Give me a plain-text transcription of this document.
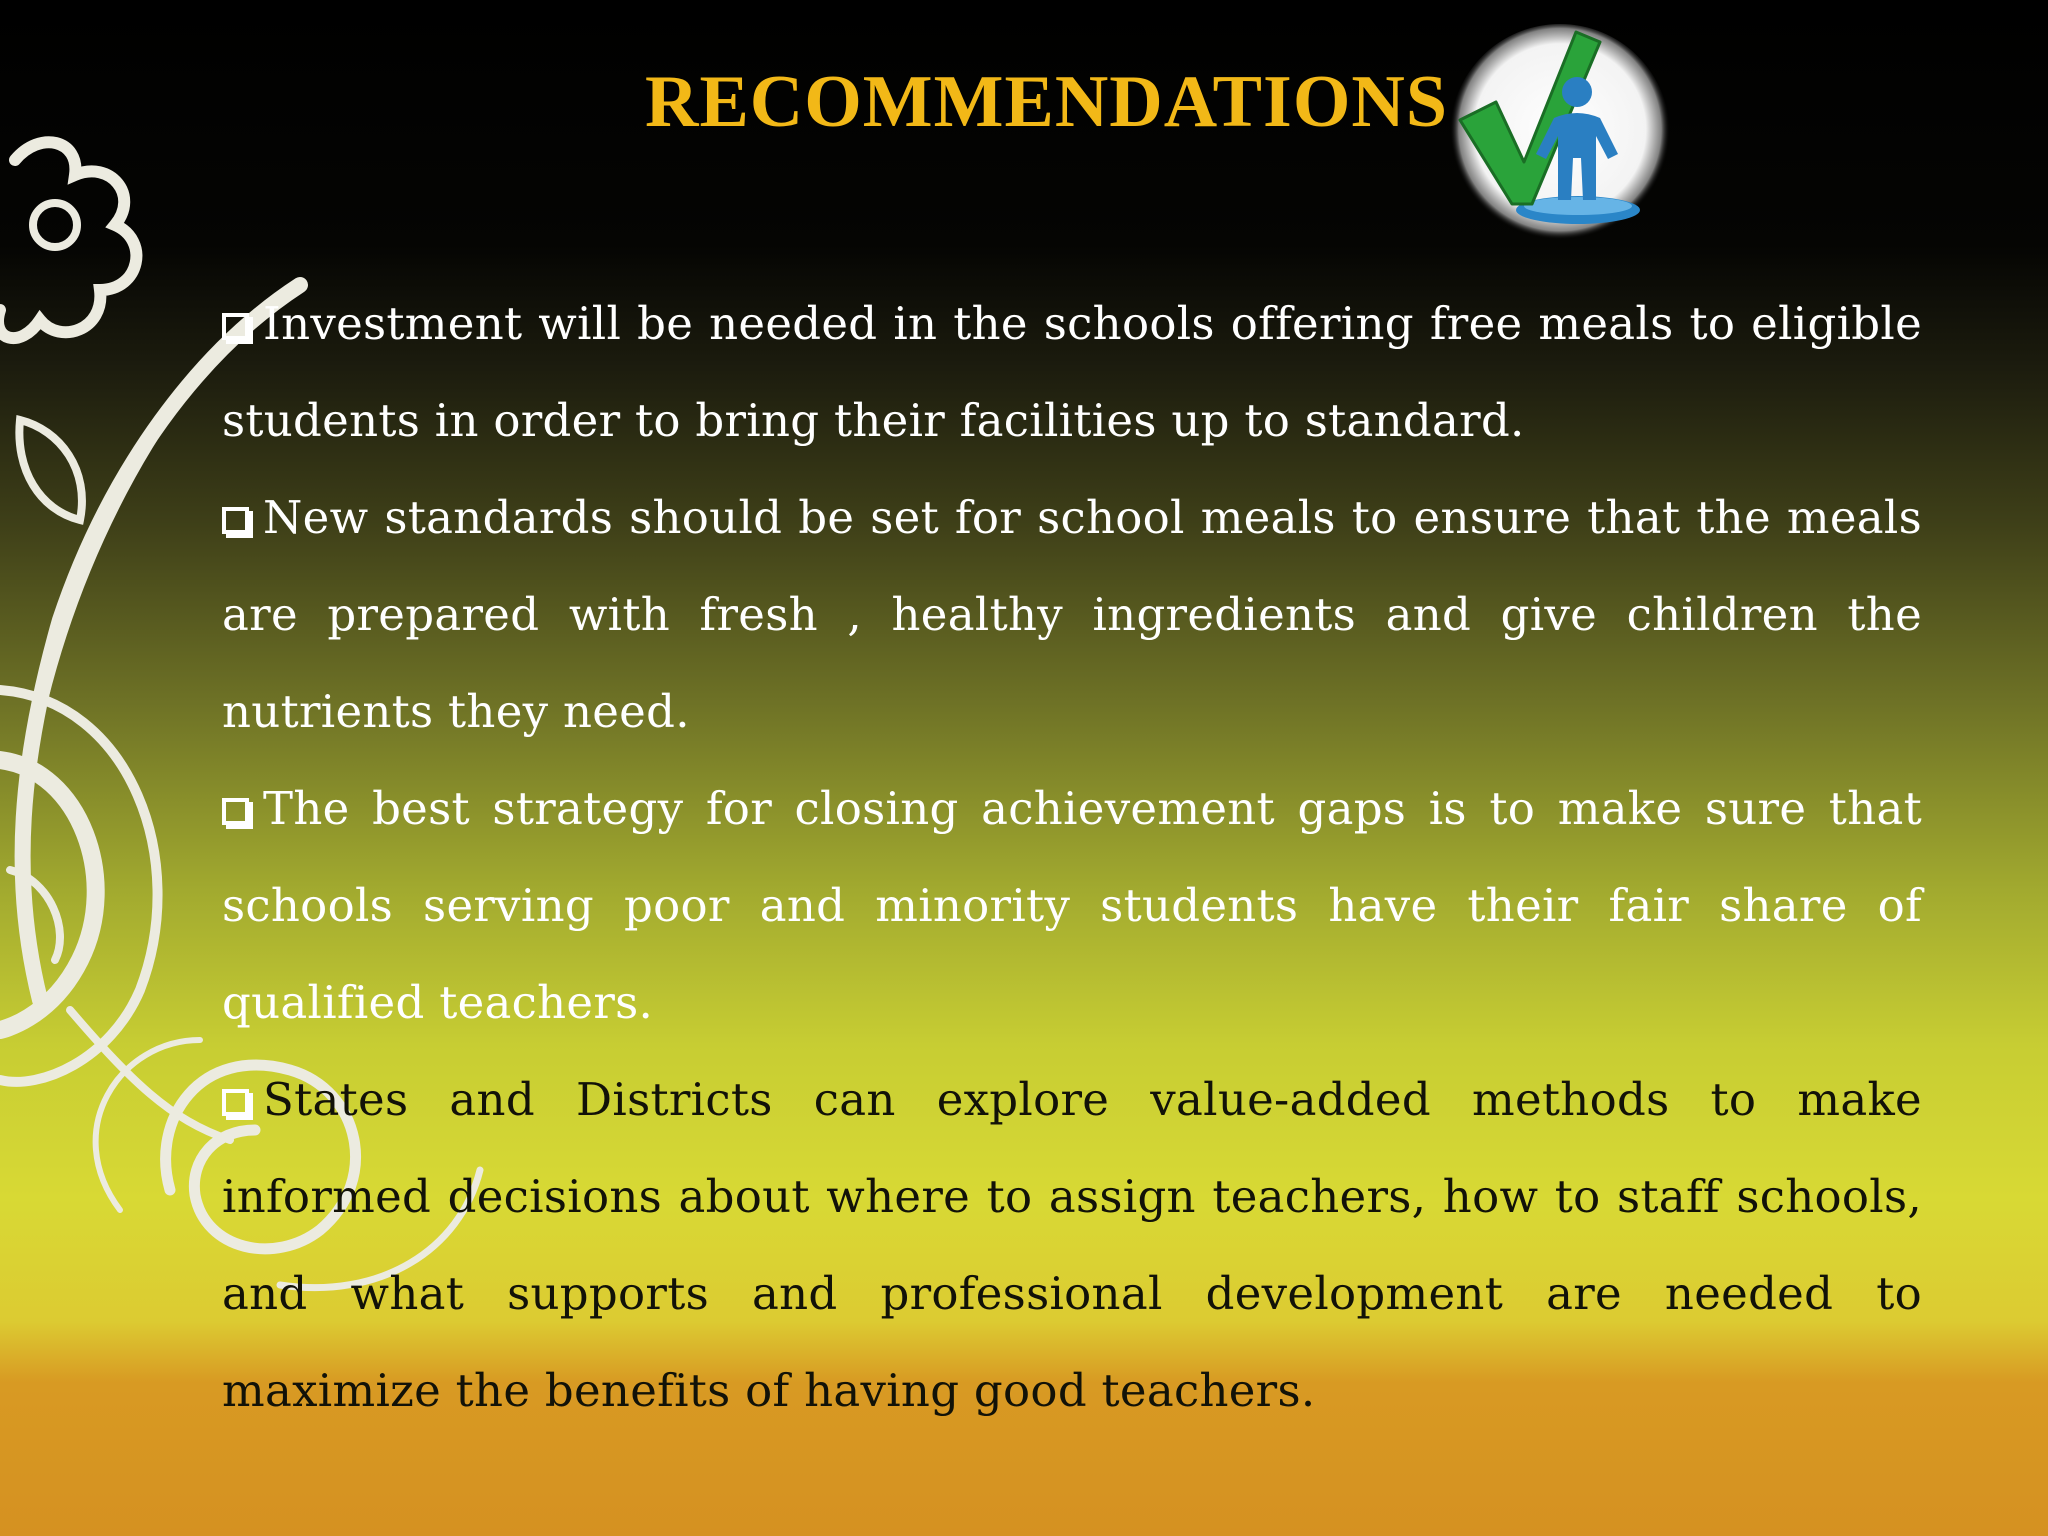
RECOMMENDATIONS

Investment will be needed in the schools offering free meals to eligible students in order to bring their facilities up to standard.

New standards should be set for school meals to ensure that the meals are prepared with fresh , healthy ingredients and give children the nutrients they need.

The best strategy for closing achievement gaps is to make sure that schools serving poor and minority students have their fair share of qualified teachers.

States and Districts can explore value-added methods to make informed decisions about where to assign teachers, how to staff schools, and what supports and professional development are needed to maximize the benefits of having good teachers.
